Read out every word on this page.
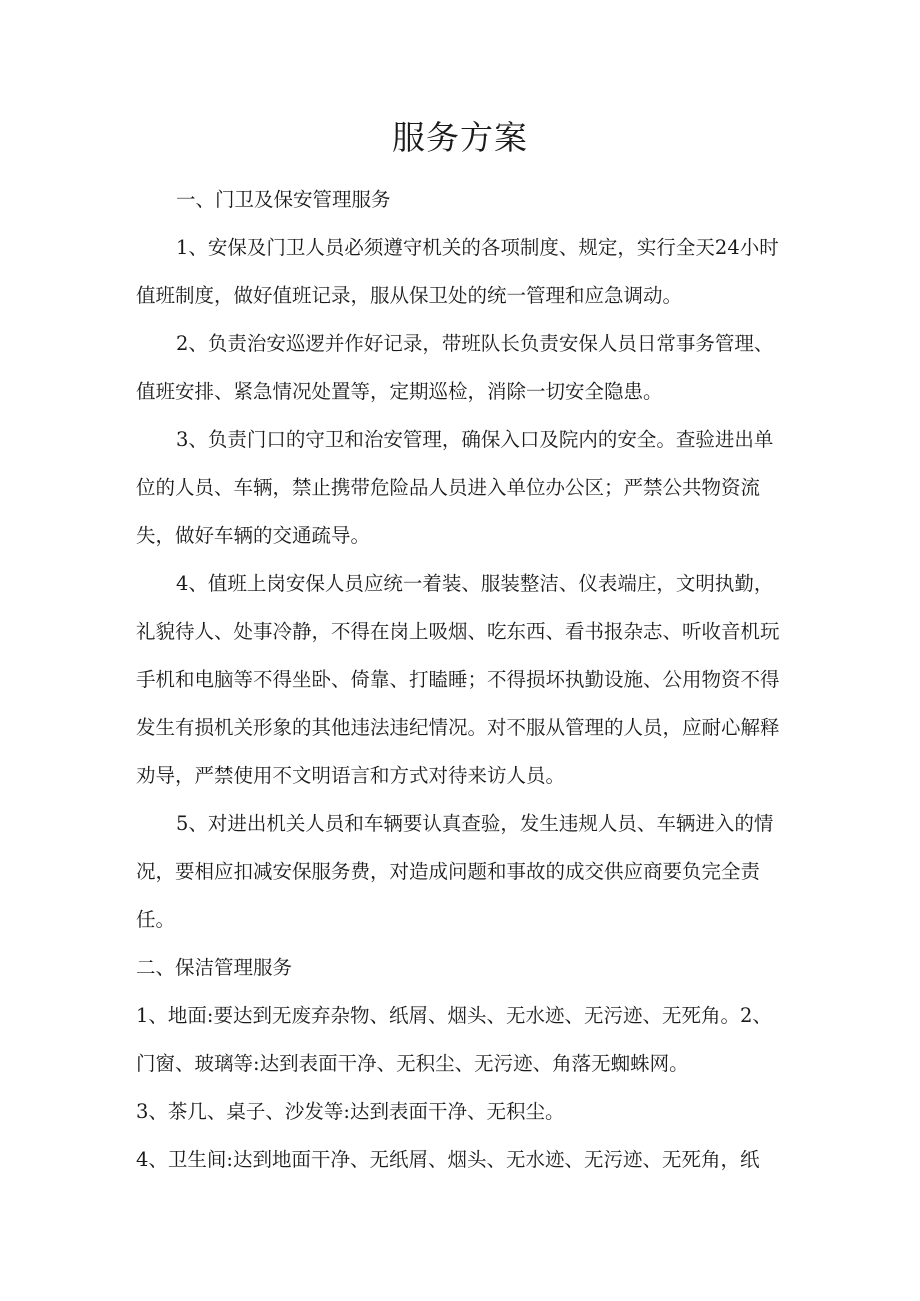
服务方案

一、门卫及保安管理服务

1、安保及门卫人员必须遵守机关的各项制度、规定，实行全天24小时值班制度，做好值班记录，服从保卫处的统一管理和应急调动。

2、负责治安巡逻并作好记录，带班队长负责安保人员日常事务管理、值班安排、紧急情况处置等，定期巡检，消除一切安全隐患。

3、负责门口的守卫和治安管理，确保入口及院内的安全。查验进出单位的人员、车辆，禁止携带危险品人员进入单位办公区；严禁公共物资流失，做好车辆的交通疏导。

4、值班上岗安保人员应统一着装、服装整洁、仪表端庄，文明执勤，礼貌待人、处事冷静，不得在岗上吸烟、吃东西、看书报杂志、听收音机玩手机和电脑等不得坐卧、倚靠、打瞌睡；不得损坏执勤设施、公用物资不得发生有损机关形象的其他违法违纪情况。对不服从管理的人员，应耐心解释劝导，严禁使用不文明语言和方式对待来访人员。

5、对进出机关人员和车辆要认真查验，发生违规人员、车辆进入的情况，要相应扣减安保服务费，对造成问题和事故的成交供应商要负完全责任。

二、保洁管理服务

1、地面:要达到无废弃杂物、纸屑、烟头、无水迹、无污迹、无死角。2、门窗、玻璃等:达到表面干净、无积尘、无污迹、角落无蜘蛛网。

3、茶几、桌子、沙发等:达到表面干净、无积尘。

4、卫生间:达到地面干净、无纸屑、烟头、无水迹、无污迹、无死角，纸
